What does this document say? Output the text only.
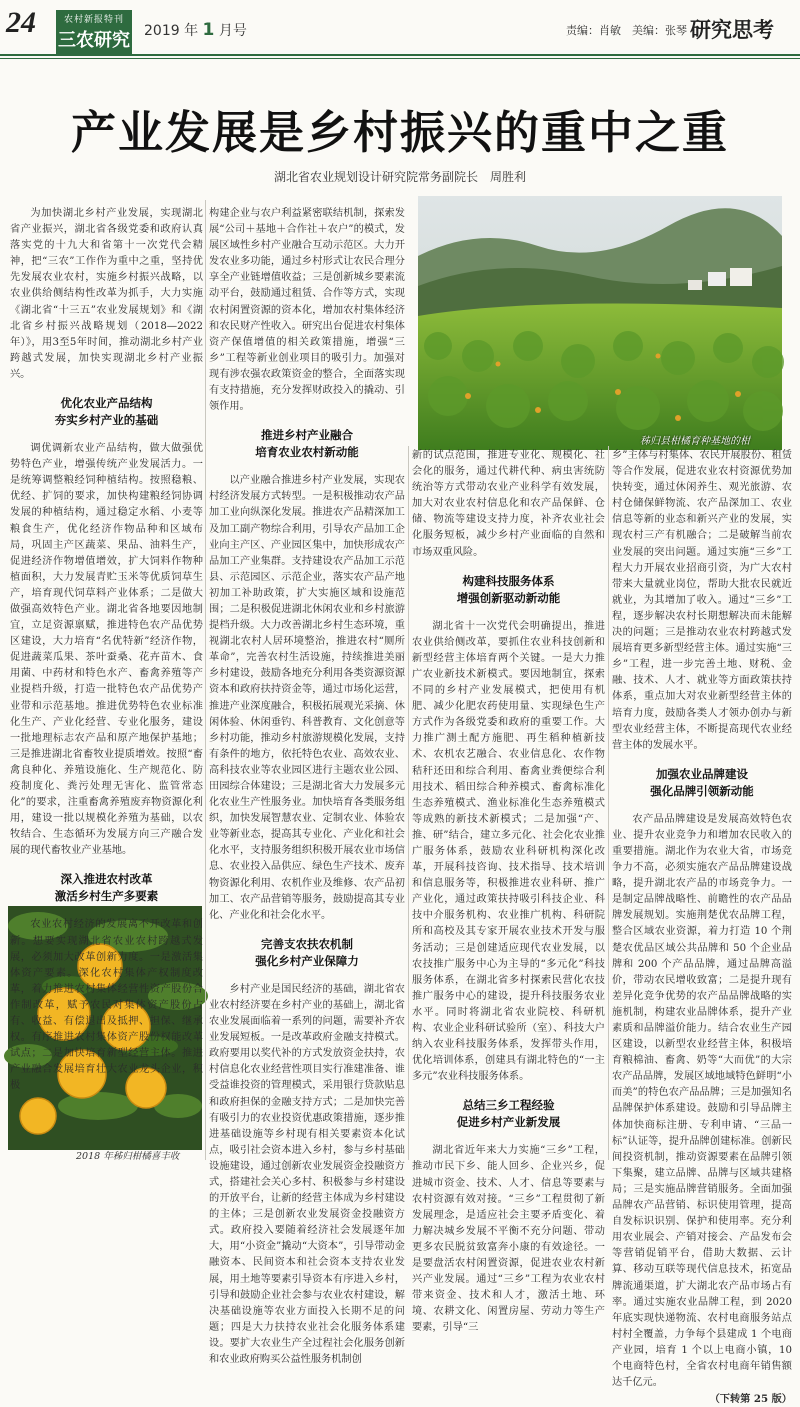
24	农村新报特刊
三农研究 2019 年 1 月号	责编：肖敏　美编：张琴 研究思考
产业发展是乡村振兴的重中之重
湖北省农业规划设计研究院常务副院长　周胜利
秭归县柑橘育种基地的柑
2018 年秭归柑橘喜丰收

为加快湖北乡村产业发展，实现湖北省产业振兴，湖北省各级党委和政府认真落实党的十九大和省第十一次党代会精神，把“三农”工作作为重中之重，坚持优先发展农业农村，实施乡村振兴战略，以农业供给侧结构性改革为抓手，大力实施《湖北省“十三五”农业发展规划》和《湖北省乡村振兴战略规划（2018—2022年）》，用3至5年时间，推动湖北乡村产业跨越式发展，加快实现湖北乡村产业振兴。

优化农业产品结构
夯实乡村产业的基础

调优调新农业产品结构，做大做强优势特色产业，增强传统产业发展活力。一是统筹调整粮经饲种植结构。按照稳粮、优经、扩饲的要求，加快构建粮经饲协调发展的种植结构，通过稳定水稻、小麦等粮食生产，优化经济作物品种和区域布局，巩固主产区蔬菜、果品、油料生产，促进经济作物增值增效，扩大饲料作物种植面积，大力发展青贮玉米等优质饲草生产，培育现代饲草料产业体系；二是做大做强高效特色产业。湖北省各地要因地制宜，立足资源禀赋，推进特色农产品优势区建设，大力培育“名优特新”经济作物，促进蔬菜瓜果、茶叶蚕桑、花卉苗木、食用菌、中药材和特色水产、畜禽养殖等产业提档升级，打造一批特色农产品优势产业带和示范基地。推进优势特色农业标准化生产、产业化经营、专业化服务，建设一批地理标志农产品和原产地保护基地；三是推进湖北省畜牧业提质增效。按照“畜禽良种化、养殖设施化、生产规范化、防疫制度化、粪污处理无害化、监管常态化”的要求，注重畜禽养殖废弃物资源化利用，建设一批以规模化养殖为基础，以农牧结合、生态循环为发展方向三产融合发展的现代畜牧业产业基地。

深入推进农村改革
激活乡村生产多要素

农业农村经济的发展离不开改革和创新。想要实现湖北省农业农村跨越式发展，必须加大改革创新力度。一是激活集体资产要素。深化农村集体产权制度改革，着力推进农村集体经营性资产股份合作制改革，赋予农民对集体资产股份占有、收益、有偿退出及抵押、担保、继承权。有序推进农村集体资产股份权能改革试点；二是加快培育新型经营主体。推进产业融合发展培育壮大农业龙头企业，积极

构建企业与农户利益紧密联结机制，探索发展“公司＋基地＋合作社＋农户”的模式，发展区域性乡村产业融合互动示范区。大力开发农业多功能，通过乡村形式让农民合理分享全产业链增值收益；三是创新城乡要素流动平台，鼓励通过租赁、合作等方式，实现农村闲置资源的资本化，增加农村集体经济和农民财产性收入。研究出台促进农村集体资产保值增值的相关政策措施，增强“三乡”工程等新业创业项目的吸引力。加强对现有涉农强农政策资金的整合，全面落实现有支持措施，充分发挥财政投入的撬动、引领作用。

推进乡村产业融合
培育农业农村新动能

以产业融合推进乡村产业发展，实现农村经济发展方式转型。一是积极推动农产品加工业向纵深化发展。推进农产品精深加工及加工副产物综合利用，引导农产品加工企业向主产区、产业园区集中，加快形成农产品加工产业集群。支持建设农产品加工示范县、示范园区、示范企业，落实农产品产地初加工补助政策，扩大实施区域和设施范围；二是积极促进湖北休闲农业和乡村旅游提档升级。大力改善湖北乡村生态环境，重视湖北农村人居环境整治，推进农村“厕所革命”，完善农村生活设施，持续推进美丽乡村建设，鼓励各地充分利用各类资源资源资本和政府扶持资金等，通过市场化运营，推进产业深度融合，积极拓展观光采摘、休闲体验、休闲垂钓、科普教育、文化创意等乡村功能，推动乡村旅游规模化发展，支持有条件的地方，依托特色农业、高效农业、高科技农业等农业园区进行主题农业公园、田园综合体建设；三是湖北省大力发展多元化农业生产性服务业。加快培育各类服务组织，加快发展智慧农业、定制农业、体验农业等新业态，提高其专业化、产业化和社会化水平，支持服务组织积极开展农业市场信息、农业投入品供应、绿色生产技术、废弃物资源化利用、农机作业及维修、农产品初加工、农产品营销等服务，鼓励提高其专业化、产业化和社会化水平。

完善支农扶农机制
强化乡村产业保障力

乡村产业是国民经济的基础，湖北省农业农村经济要在乡村产业的基础上，湖北省农业发展面临着一系列的问题，需要补齐农业发展短板。一是改革政府金融支持模式。政府要用以奖代补的方式发放资金扶持，农村信息化农业经营性项目实行准建准备、谁受益谁投资的管理模式，采用银行贷款贴息和政府担保的金融支持方式；二是加快完善有吸引力的农业投资优惠政策措施，逐步推进基础设施等乡村现有相关要素资本化试点，吸引社会资本进入乡村，参与乡村基础设施建设，通过创新农业发展资金投融资方式，搭建社会关心多村、积极参与乡村建设的开放平台，让新的经营主体成为乡村建设的主体；三是创新农业发展资金投融资方式。政府投入要随着经济社会发展逐年加大，用“小资金”撬动“大资本”，引导带动金融资本、民间资本和社会资本支持农业发展，用土地等要素引导资本有序进入乡村，引导和鼓励企业社会参与农业农村建设，解决基础设施等农业方面投入长期不足的问题；四是大力扶持农业社会化服务体系建设。要扩大农业生产全过程社会化服务创新和农业政府购买公益性服务机制创

新的试点范围，推进专业化、规模化、社会化的服务，通过代耕代种、病虫害统防统治等方式带动农业产业科学有效发展，加大对农业农村信息化和农产品保鲜、仓储、物流等建设支持力度，补齐农业社会化服务短板，减少乡村产业面临的自然和市场双重风险。

构建科技服务体系
增强创新驱动新动能

湖北省十一次党代会明确提出，推进农业供给侧改革，要抓住农业科技创新和新型经营主体培育两个关键。一是大力推广农业新技术新模式。要因地制宜，探索不同的乡村产业发展模式，把使用有机肥、减少化肥农药使用量、实现绿色生产方式作为各级党委和政府的重要工作。大力推广测土配方施肥、再生稻种植新技术、农机农艺融合、农业信息化、农作物秸秆还田和综合利用、畜禽业粪便综合利用技术、稻田综合种养模式、畜禽标准化生态养殖模式、渔业标准化生态养殖模式等成熟的新技术新模式；二是加强“产、推、研”结合，建立多元化、社会化农业推广服务体系，鼓励农业科研机构深化改革，开展科技咨询、技术指导、技术培训和信息服务等，积极推进农业科研、推广产业化，通过政策扶持吸引科技企业、科技中介服务机构、农业推广机构、科研院所和高校及其专家开展农业技术开发与服务活动；三是创建适应现代农业发展，以农技推广服务中心为主导的“多元化”科技服务体系，在湖北省多村探索民营化农技推广服务中心的建设，提升科技服务农业水平。同时将湖北省农业院校、科研机构、农业企业科研试验所（室）、科技大户纳入农业科技服务体系，发挥带头作用，优化培训体系，创建具有湖北特色的“一主多元”农业科技服务体系。

总结三乡工程经验
促进乡村产业新发展

湖北省近年来大力实施“三乡”工程，推动市民下乡、能人回乡、企业兴乡，促进城市资金、技术、人才、信息等要素与农村资源有效对接。“三乡”工程贯彻了新发展理念，是适应社会主要矛盾变化、着力解决城乡发展不平衡不充分问题、带动更多农民脱贫致富奔小康的有效途径。一是要盘活农村闲置资源，促进农业农村新兴产业发展。通过“三乡”工程为农业农村带来资金、技术和人才，激活土地、环境、农耕文化、闲置房屋、劳动力等生产要素，引导“三

乡”主体与村集体、农民开展股份、租赁等合作发展，促进农业农村资源优势加快转变，通过休闲养生、观光旅游、农村仓储保鲜物流、农产品深加工、农业信息等新的业态和新兴产业的发展，实现农村三产有机融合；二是破解当前农业发展的突出问题。通过实施“三乡”工程大力开展农业招商引资，为广大农村带来大量就业岗位，帮助大批农民就近就业，为其增加了收入。通过“三乡”工程，逐步解决农村长期想解决而未能解决的问题；三是推动农业农村跨越式发展培育更多新型经营主体。通过实施“三乡”工程，进一步完善土地、财税、金融、技术、人才、就业等方面政策扶持体系，重点加大对农业新型经营主体的培育力度，鼓励各类人才领办创办与新型农业经营主体，不断提高现代农业经营主体的发展水平。

加强农业品牌建设
强化品牌引领新动能

农产品品牌建设是发展高效特色农业、提升农业竞争力和增加农民收入的重要措施。湖北作为农业大省，市场竞争力不高，必须实施农产品品牌建设战略，提升湖北农产品的市场竞争力。一是制定品牌战略性、前瞻性的农产品品牌发展规划。实施荆楚优农品牌工程，整合区域农业资源，着力打造 10 个荆楚农优品区域公共品牌和 50 个企业品牌和 200 个产品品牌，通过品牌高溢价，带动农民增收致富；二是提升现有差异化竞争优势的农产品品牌战略的实施机制，构建农业品牌体系，提升产业素质和品牌溢价能力。结合农业生产园区建设，以新型农业经营主体，积极培育粮棉油、畜禽、奶等“大而优”的大宗农产品品牌，发展区域地域特色鲜明“小而美”的特色农产品品牌；三是加强知名品牌保护体系建设。鼓励和引导品牌主体加快商标注册、专利申请、“三品一标”认证等，提升品牌创建标准。创新民间投资机制，推动资源要素在品牌引领下集聚，建立品牌、品牌与区域共建格局；三是实施品牌营销服务。全面加强品牌农产品营销、标识使用管理，提高自发标识识别、保护和使用率。充分利用农业展会、产销对接会、产品发布会等营销促销平台，借助大数据、云计算、移动互联等现代信息技术，拓宽品牌流通渠道，扩大湖北农产品市场占有率。通过实施农业品牌工程，到 2020 年底实现快递物流、农村电商服务站点村村全覆盖，力争每个县建成 1 个电商产业园，培育 1 个以上电商小镇，10 个电商特色村，全省农村电商年销售额达千亿元。

（下转第 25 版）
